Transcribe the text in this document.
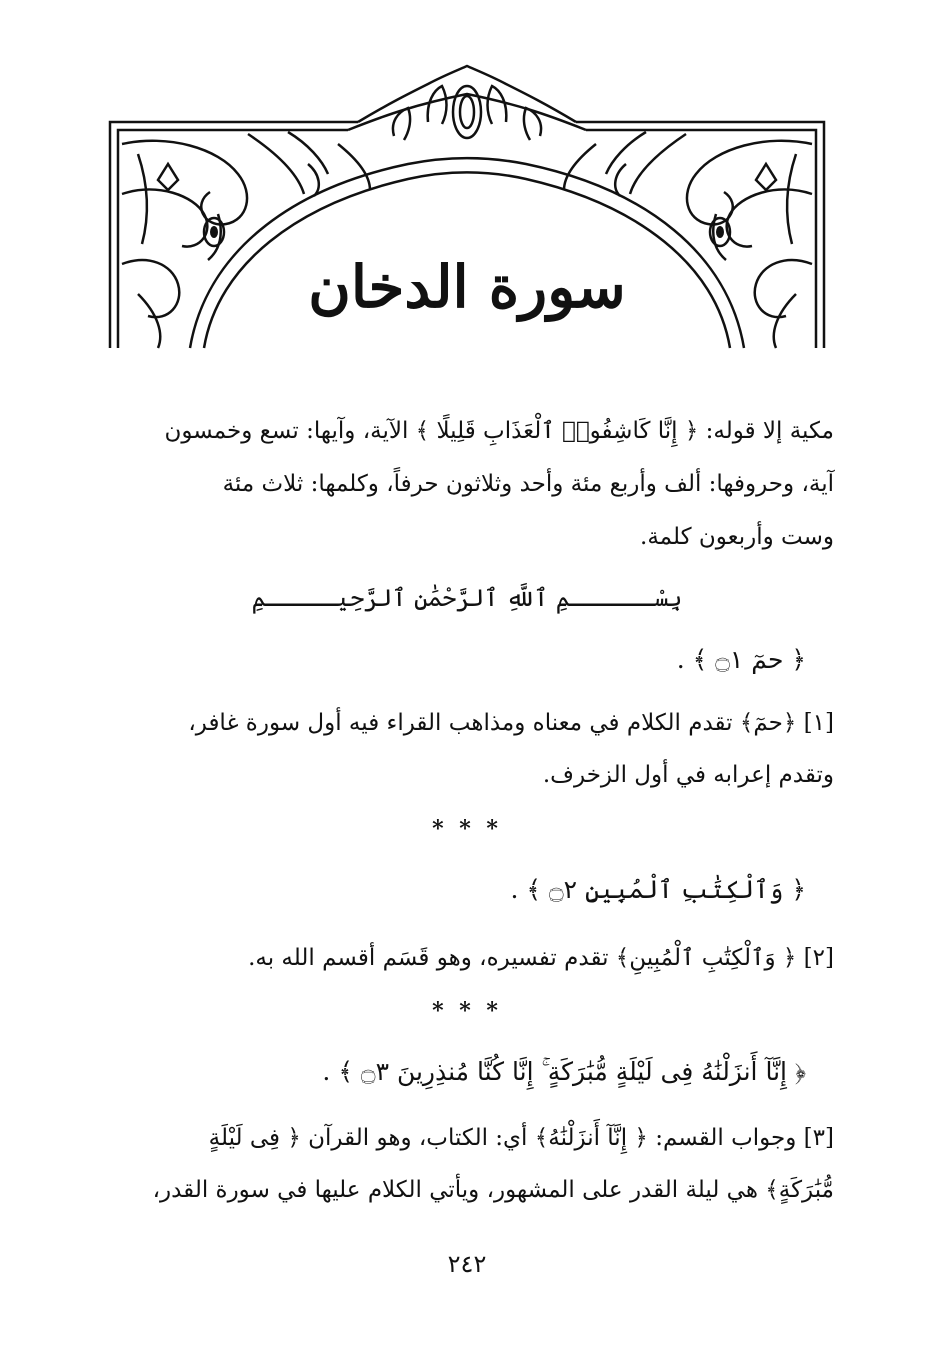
سورة الدخان
مكية إلا قوله: ﴿ إِنَّا كَاشِفُوا۟ ٱلْعَذَابِ قَلِيلًا ﴾ الآية، وآيها: تسع وخمسون
آية، وحروفها: ألف وأربع مئة وأحد وثلاثون حرفاً، وكلمها: ثلاث مئة
وست وأربعون كلمة.
بِسْــــــمِ ٱللَّهِ ٱلرَّحْمَٰنِ ٱلرَّحِيـــــمِ
﴿ حمٓ ۝١ ﴾ .
[١] ﴿حمٓ﴾ تقدم الكلام في معناه ومذاهب القراء فيه أول سورة غافر،
وتقدم إعرابه في أول الزخرف.
* * *
﴿ وَٱلْكِتَٰبِ ٱلْمُبِينِ ۝٢ ﴾ .
[٢] ﴿ وَٱلْكِتَٰبِ ٱلْمُبِينِ﴾ تقدم تفسيره، وهو قَسَم أقسم الله به.
* * *
﴿ إِنَّآ أَنزَلْنَٰهُ فِى لَيْلَةٍ مُّبَٰرَكَةٍ ۚ إِنَّا كُنَّا مُنذِرِينَ ۝٣ ﴾ .
[٣] وجواب القسم: ﴿ إِنَّآ أَنزَلْنَٰهُ﴾ أي: الكتاب، وهو القرآن ﴿ فِى لَيْلَةٍ
مُّبَٰرَكَةٍ﴾ هي ليلة القدر على المشهور، ويأتي الكلام عليها في سورة القدر،
٢٤٢
